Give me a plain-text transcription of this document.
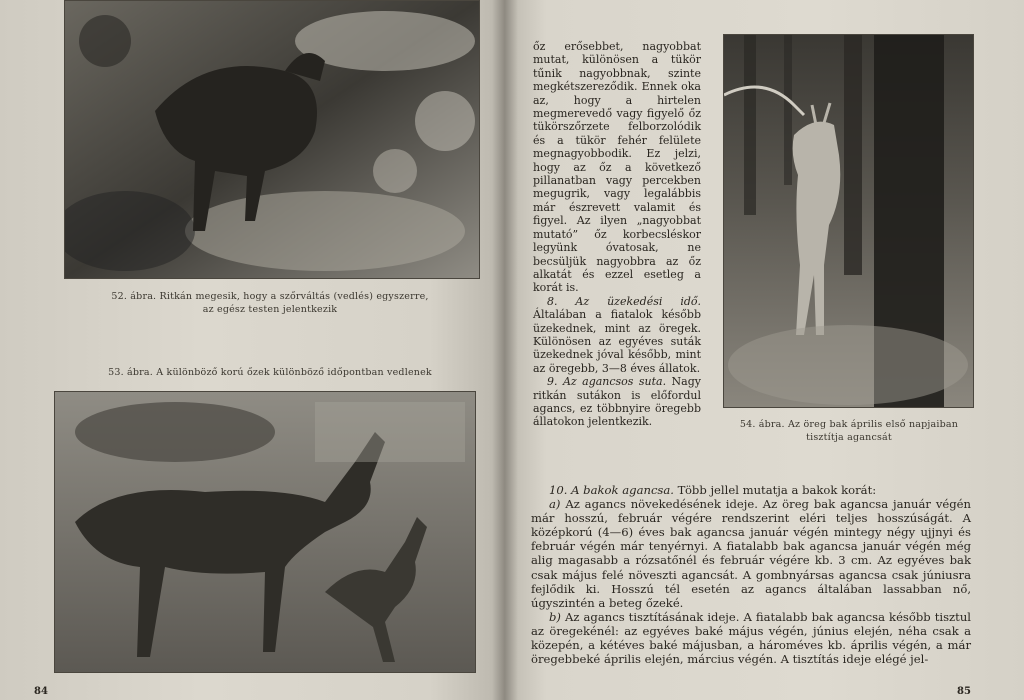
52. ábra. Ritkán megesik, hogy a szőrváltás (vedlés) egyszerre,
az egész testen jelentkezik
53. ábra. A különböző korú őzek különböző időpontban vedlenek
84
54. ábra. Az öreg bak április első napjaiban
tisztítja agancsát

őz erősebbet, nagyobbat mutat, különösen a tükör tűnik nagyobbnak, szinte megkétszereződik. Ennek oka az, hogy a hirtelen megmerevedő vagy figyelő őz tükörszőrzete felborzolódik és a tükör fehér felülete megnagyobbodik. Ez jelzi, hogy az őz a következő pillanatban vagy percekben megugrik, vagy legalábbis már észrevett valamit és figyel. Az ilyen „nagyobbat mutató” őz korbecsléskor legyünk óvatosak, ne becsüljük nagyobbra az őz alkatát és ezzel esetleg a korát is.

8. Az üzekedési idő. Általában a fiatalok később üzekednek, mint az öregek. Különösen az egyéves suták üzekednek jóval később, mint az öregebb, 3—8 éves állatok.

9. Az agancsos suta. Nagy ritkán sutákon is előfordul agancs, ez többnyire öregebb állatokon jelentkezik.

85

10. A bakok agancsa. Több jellel mutatja a bakok korát:

a) Az agancs növekedésének ideje. Az öreg bak agancsa január végén már hosszú, február végére rendszerint eléri teljes hosszúságát. A középkorú (4—6) éves bak agancsa január végén mintegy négy ujjnyi és február végén már tenyérnyi. A fiatalabb bak agancsa január végén még alig magasabb a rózsatőnél és február végére kb. 3 cm. Az egyéves bak csak május felé növeszti agancsát. A gombnyársas agancsa csak júniusra fejlődik ki. Hosszú tél esetén az agancs általában lassabban nő, úgyszintén a beteg őzeké.

b) Az agancs tisztításának ideje. A fiatalabb bak agancsa később tisztul az öregekénél: az egyéves baké május végén, június elején, néha csak a közepén, a kétéves baké májusban, a hároméves kb. április végén, a már öregebbeké április elején, március végén. A tisztítás ideje elégé jel-
